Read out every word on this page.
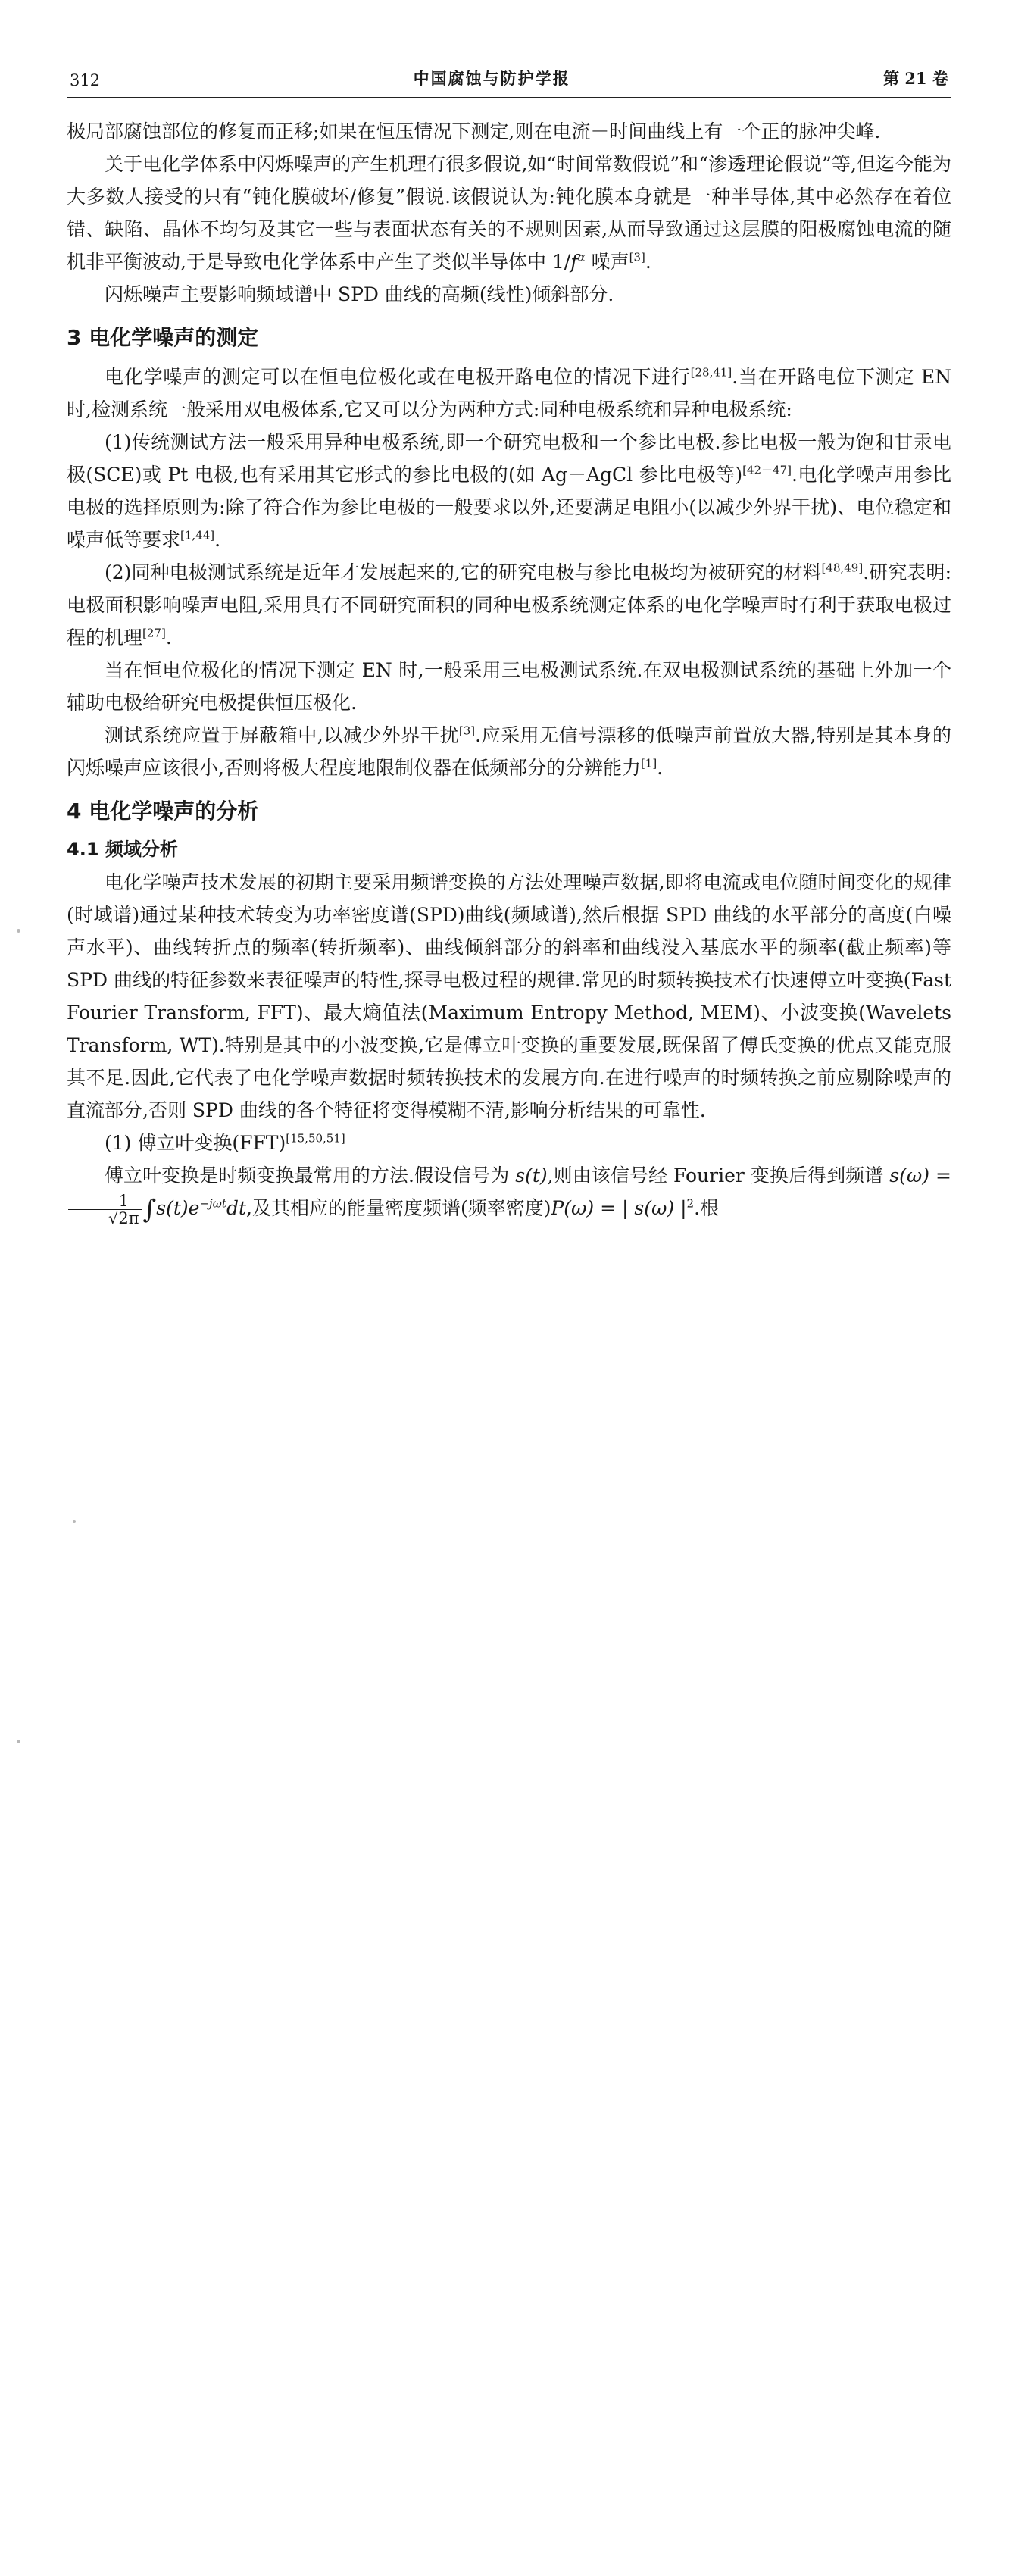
312	中国腐蚀与防护学报	第 21 卷

极局部腐蚀部位的修复而正移;如果在恒压情况下测定,则在电流－时间曲线上有一个正的脉冲尖峰.

关于电化学体系中闪烁噪声的产生机理有很多假说,如“时间常数假说”和“渗透理论假说”等,但迄今能为大多数人接受的只有“钝化膜破坏/修复”假说.该假说认为:钝化膜本身就是一种半导体,其中必然存在着位错、缺陷、晶体不均匀及其它一些与表面状态有关的不规则因素,从而导致通过这层膜的阳极腐蚀电流的随机非平衡波动,于是导致电化学体系中产生了类似半导体中 $1/f^\alpha$ 噪声[3].

闪烁噪声主要影响频域谱中 SPD 曲线的高频(线性)倾斜部分.

3 电化学噪声的测定

电化学噪声的测定可以在恒电位极化或在电极开路电位的情况下进行[28,41].当在开路电位下测定 EN 时,检测系统一般采用双电极体系,它又可以分为两种方式:同种电极系统和异种电极系统:

(1)传统测试方法一般采用异种电极系统,即一个研究电极和一个参比电极.参比电极一般为饱和甘汞电极(SCE)或 Pt 电极,也有采用其它形式的参比电极的(如 Ag－AgCl 参比电极等)[42－47].电化学噪声用参比电极的选择原则为:除了符合作为参比电极的一般要求以外,还要满足电阻小(以减少外界干扰)、电位稳定和噪声低等要求[1,44].

(2)同种电极测试系统是近年才发展起来的,它的研究电极与参比电极均为被研究的材料[48,49].研究表明:电极面积影响噪声电阻,采用具有不同研究面积的同种电极系统测定体系的电化学噪声时有利于获取电极过程的机理[27].

当在恒电位极化的情况下测定 EN 时,一般采用三电极测试系统.在双电极测试系统的基础上外加一个辅助电极给研究电极提供恒压极化.

测试系统应置于屏蔽箱中,以减少外界干扰[3].应采用无信号漂移的低噪声前置放大器,特别是其本身的闪烁噪声应该很小,否则将极大程度地限制仪器在低频部分的分辨能力[1].

4 电化学噪声的分析
4.1 频域分析

电化学噪声技术发展的初期主要采用频谱变换的方法处理噪声数据,即将电流或电位随时间变化的规律(时域谱)通过某种技术转变为功率密度谱(SPD)曲线(频域谱),然后根据 SPD 曲线的水平部分的高度(白噪声水平)、曲线转折点的频率(转折频率)、曲线倾斜部分的斜率和曲线没入基底水平的频率(截止频率)等 SPD 曲线的特征参数来表征噪声的特性,探寻电极过程的规律.常见的时频转换技术有快速傅立叶变换(Fast Fourier Transform, FFT)、最大熵值法(Maximum Entropy Method, MEM)、小波变换(Wavelets Transform, WT).特别是其中的小波变换,它是傅立叶变换的重要发展,既保留了傅氏变换的优点又能克服其不足.因此,它代表了电化学噪声数据时频转换技术的发展方向.在进行噪声的时频转换之前应剔除噪声的直流部分,否则 SPD 曲线的各个特征将变得模糊不清,影响分析结果的可靠性.

(1) 傅立叶变换(FFT)[15,50,51]

傅立叶变换是时频变换最常用的方法.假设信号为 s(t),则由该信号经 Fourier 变换后得到频谱 s(ω) =
$\frac{1}{√2\pi} \int s(t)e^{-j\omega t}dt$,及其相应的能量密度频谱(频率密度)P(ω) = | s(ω) $|^2$.根
